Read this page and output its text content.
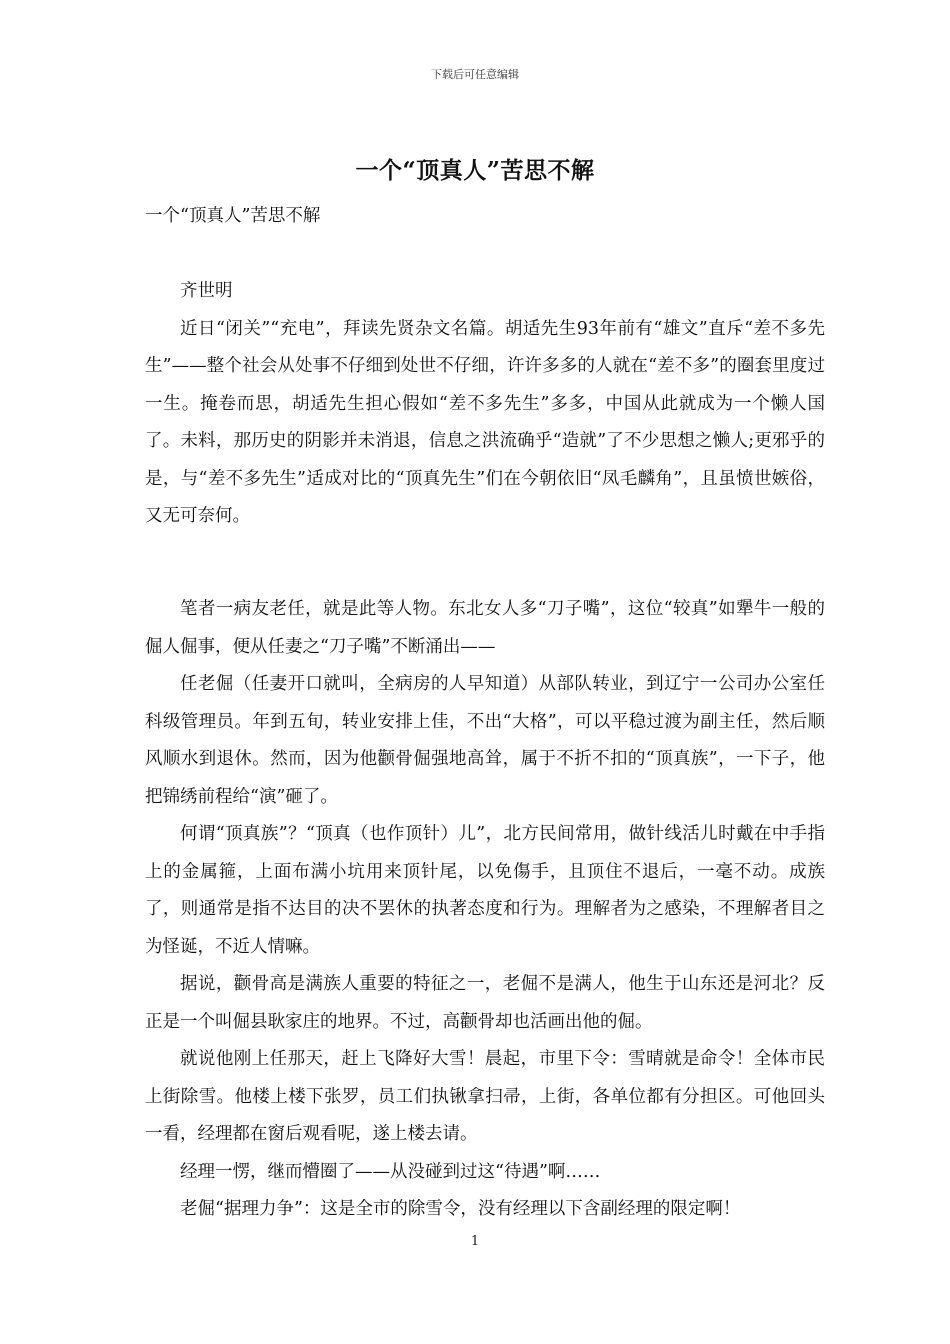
下载后可任意编辑
一个“顶真人”苦思不解

一个“顶真人”苦思不解

齐世明

近日“闭关”“充电”，拜读先贤杂文名篇。胡适先生93年前有“雄文”直斥“差不多先生”——整个社会从处事不仔细到处世不仔细，许许多多的人就在“差不多”的圈套里度过一生。掩卷而思，胡适先生担心假如“差不多先生”多多，中国从此就成为一个懒人国了。未料，那历史的阴影并未消退，信息之洪流确乎“造就”了不少思想之懒人;更邪乎的是，与“差不多先生”适成对比的“顶真先生”们在今朝依旧“凤毛麟角”，且虽愤世嫉俗，又无可奈何。

笔者一病友老任，就是此等人物。东北女人多“刀子嘴”，这位“较真”如犟牛一般的倔人倔事，便从任妻之“刀子嘴”不断涌出——

任老倔（任妻开口就叫，全病房的人早知道）从部队转业，到辽宁一公司办公室任科级管理员。年到五旬，转业安排上佳，不出“大格”，可以平稳过渡为副主任，然后顺风顺水到退休。然而，因为他颧骨倔强地高耸，属于不折不扣的“顶真族”，一下子，他把锦绣前程给“演”砸了。

何谓“顶真族”？“顶真（也作顶针）儿”，北方民间常用，做针线活儿时戴在中手指上的金属箍，上面布满小坑用来顶针尾，以免傷手，且顶住不退后，一毫不动。成族了，则通常是指不达目的决不罢休的执著态度和行为。理解者为之感染，不理解者目之为怪诞，不近人情嘛。

据说，颧骨高是满族人重要的特征之一，老倔不是满人，他生于山东还是河北？反正是一个叫倔县耿家庄的地界。不过，高颧骨却也活画出他的倔。

就说他刚上任那天，赶上飞降好大雪！晨起，市里下令：雪晴就是命令！全体市民上街除雪。他楼上楼下张罗，员工们执锹拿扫帚，上街，各单位都有分担区。可他回头一看，经理都在窗后观看呢，遂上楼去请。

经理一愣，继而懵圈了——从没碰到过这“待遇”啊……

老倔“据理力争”：这是全市的除雪令，没有经理以下含副经理的限定啊！

1
